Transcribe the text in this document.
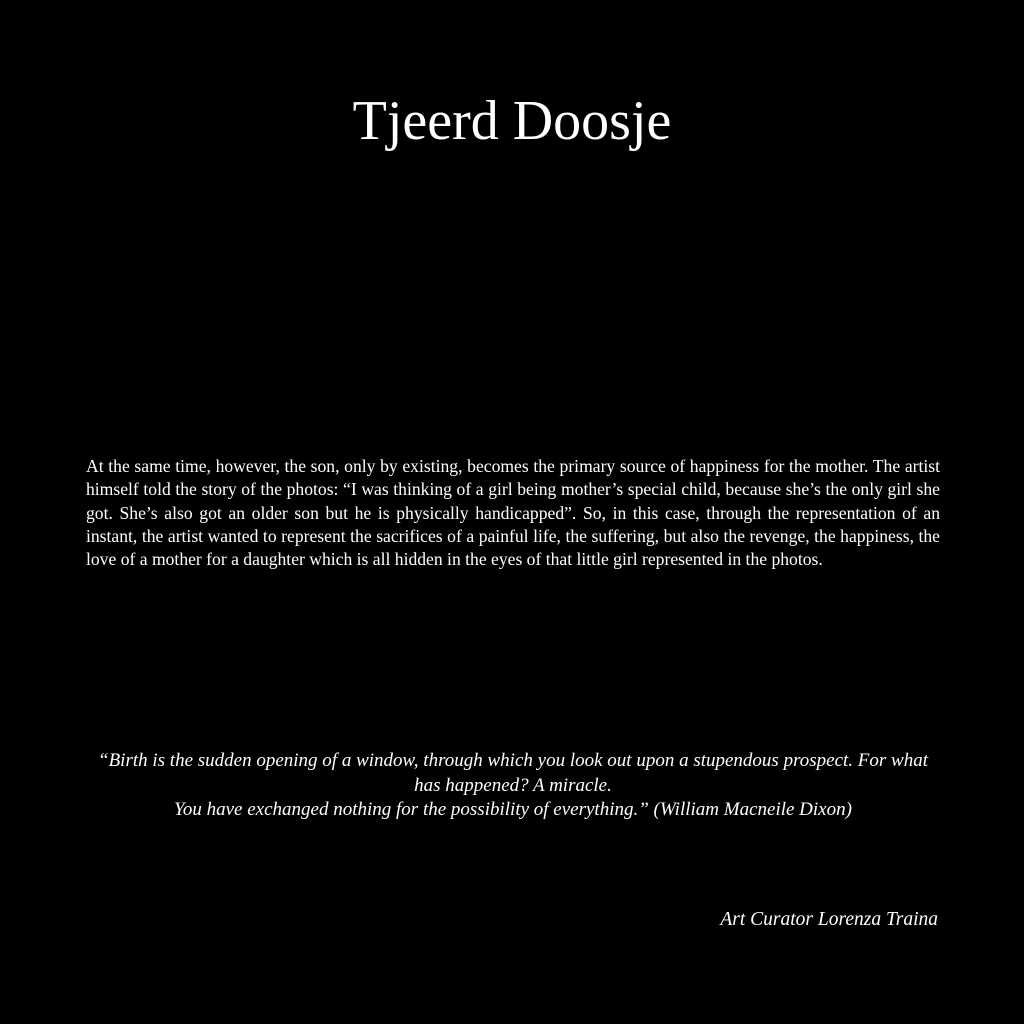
Tjeerd Doosje

At the same time, however, the son, only by existing, becomes the primary source of happiness for the mother. The artist himself told the story of the photos: “I was thinking of a girl being mother’s special child, because she’s the only girl she got. She’s also got an older son but he is physically handicapped”. So, in this case, through the representation of an instant, the artist wanted to represent the sacrifices of a painful life, the suffering, but also the revenge, the happiness, the love of a mother for a daughter which is all hidden in the eyes of that little girl represented in the photos.

“Birth is the sudden opening of a window, through which you look out upon a stupendous prospect. For what has happened? A miracle.
You have exchanged nothing for the possibility of everything.” (William Macneile Dixon)

Art Curator Lorenza Traina
